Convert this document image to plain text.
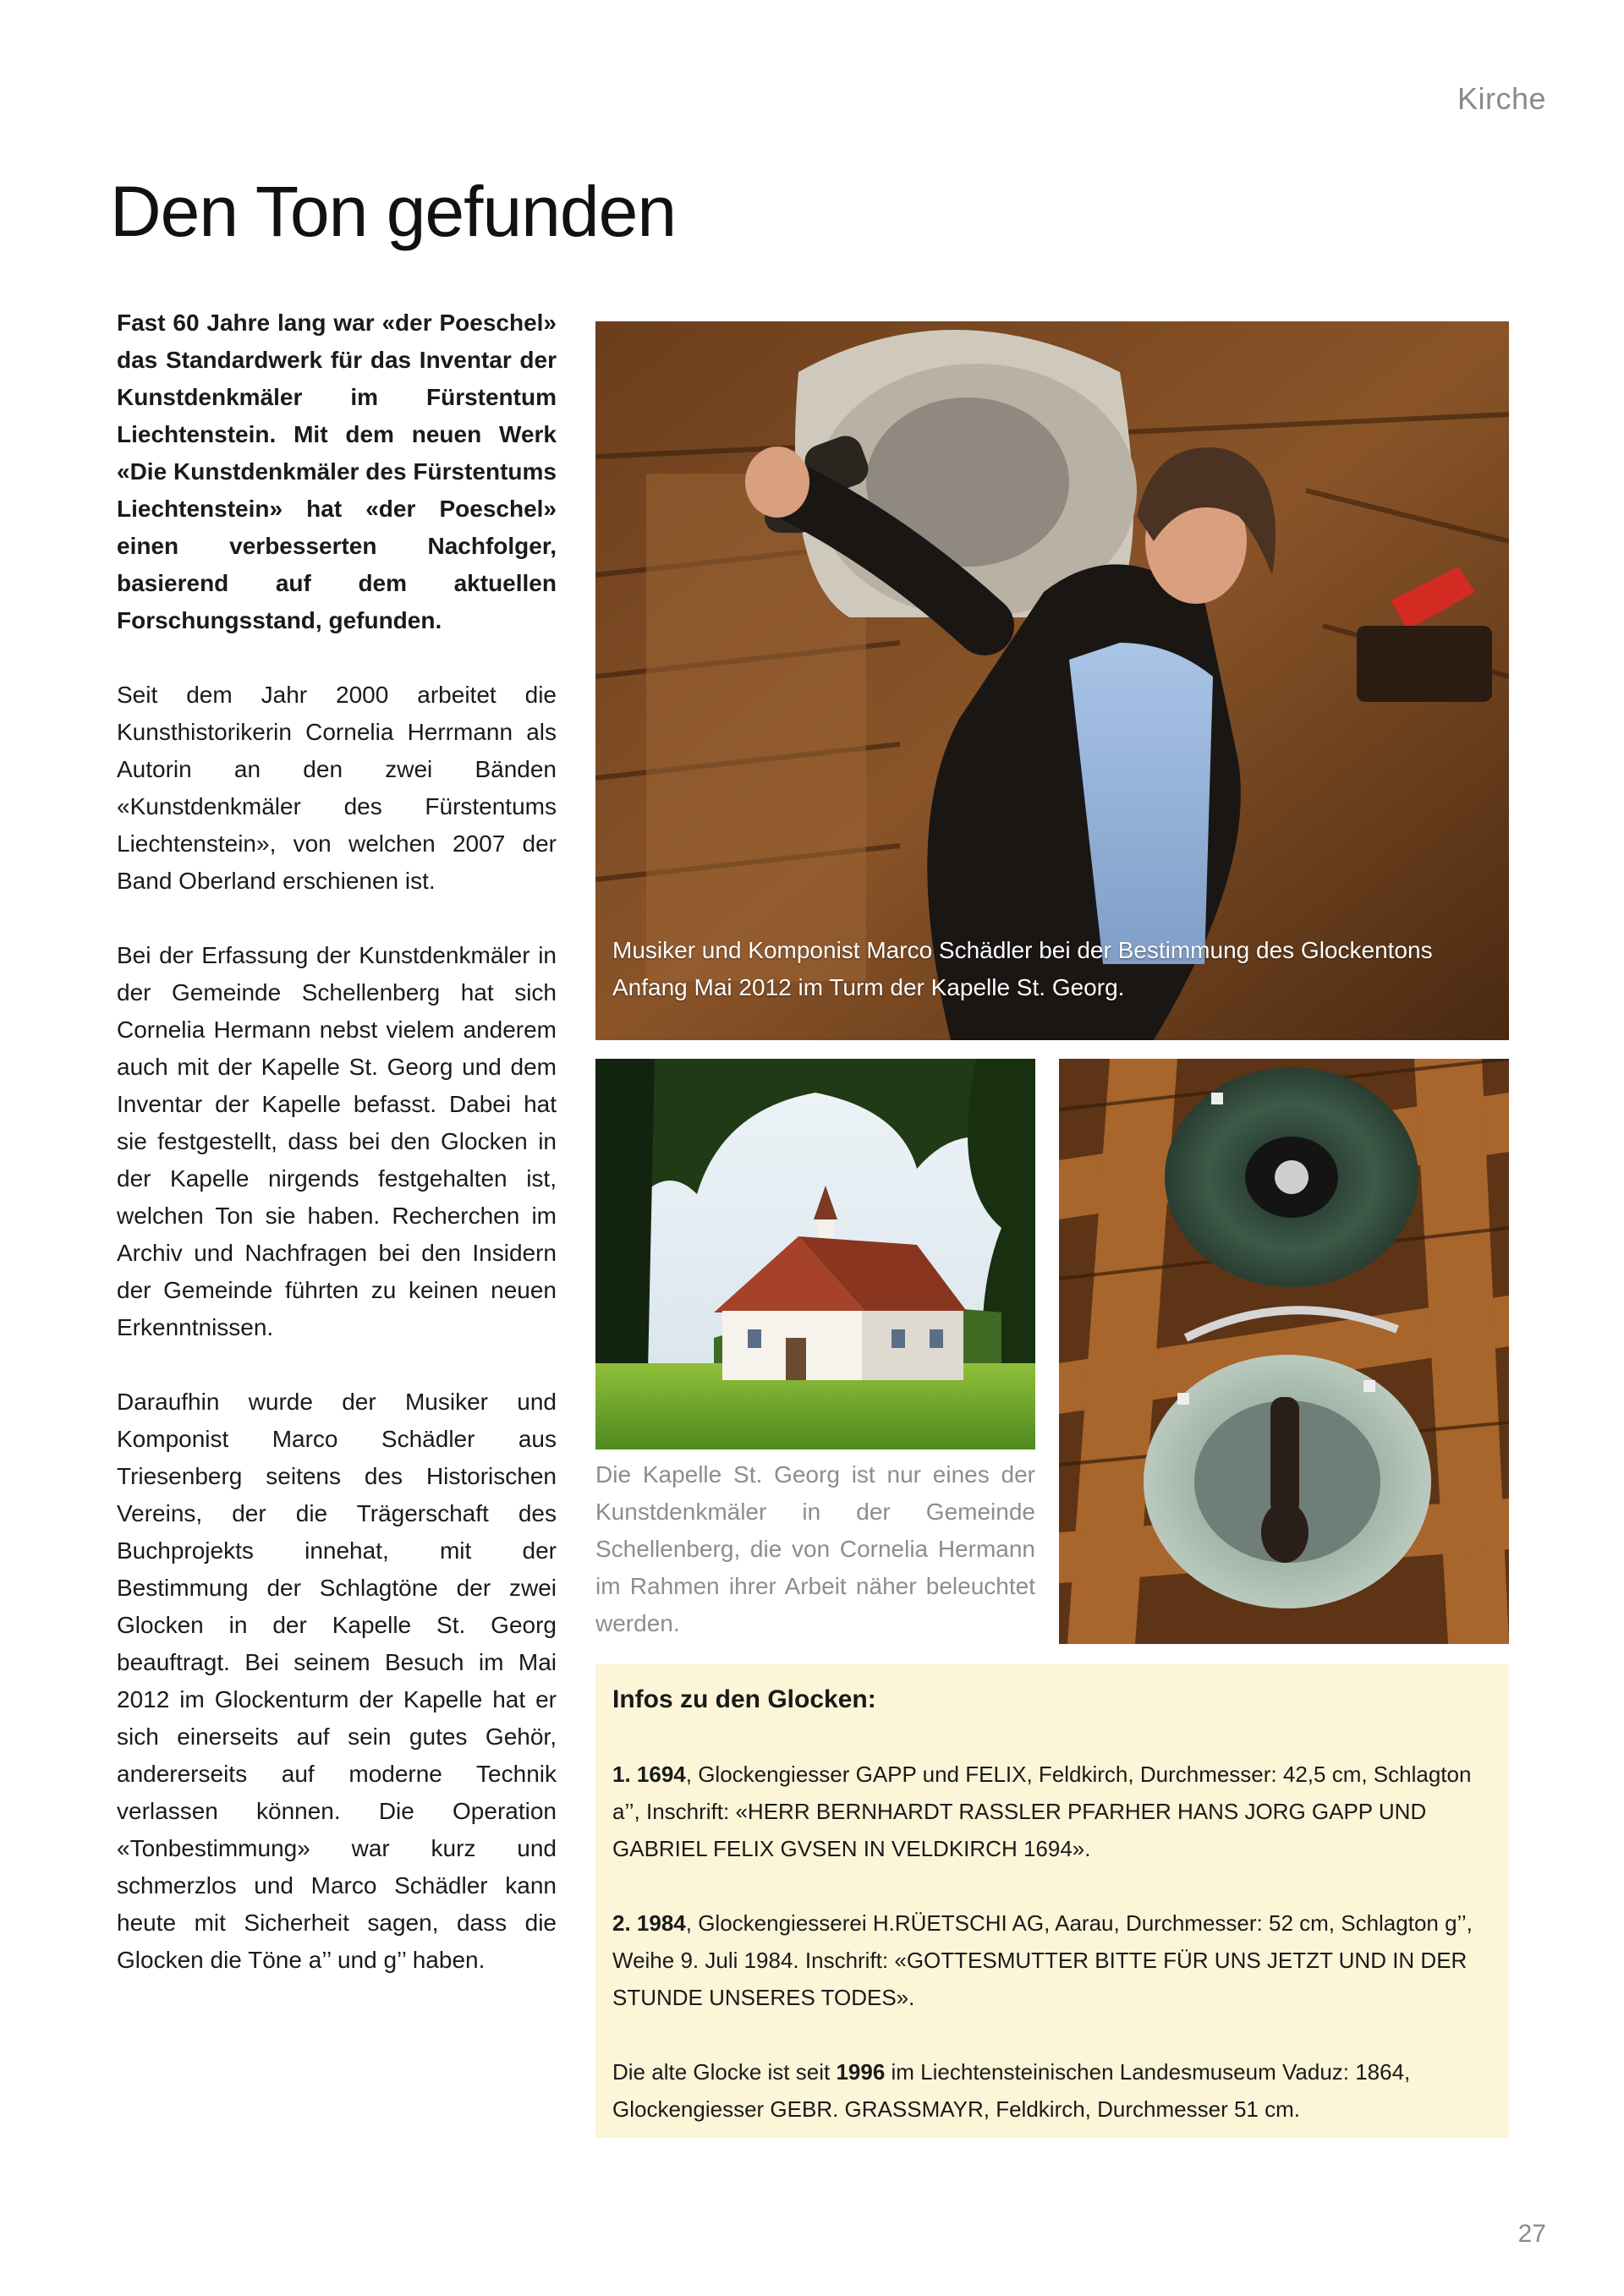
Kirche
Den Ton gefunden

Fast 60 Jahre lang war «der Poeschel» das Standardwerk für das Inventar der Kunstdenkmäler im Fürstentum Liechtenstein. Mit dem neuen Werk «Die Kunstdenkmäler des Fürstentums Liechtenstein» hat «der Poeschel» einen verbesserten Nachfolger, basierend auf dem aktuellen Forschungsstand, gefunden.

Seit dem Jahr 2000 arbeitet die Kunsthistorikerin Cornelia Herrmann als Autorin an den zwei Bänden «Kunstdenkmäler des Fürstentums Liechtenstein», von welchen 2007 der Band Oberland erschienen ist.

Bei der Erfassung der Kunstdenkmäler in der Gemeinde Schellenberg hat sich Cornelia Hermann nebst vielem anderem auch mit der Kapelle St. Georg und dem Inventar der Kapelle befasst. Dabei hat sie festgestellt, dass bei den Glocken in der Kapelle nirgends festgehalten ist, welchen Ton sie haben. Recherchen im Archiv und Nachfragen bei den Insidern der Gemeinde führten zu keinen neuen Erkenntnissen.

Daraufhin wurde der Musiker und Komponist Marco Schädler aus Triesenberg seitens des Historischen Vereins, der die Trägerschaft des Buchprojekts innehat, mit der Bestimmung der Schlagtöne der zwei Glocken in der Kapelle St. Georg beauftragt. Bei seinem Besuch im Mai 2012 im Glockenturm der Kapelle hat er sich einerseits auf sein gutes Gehör, andererseits auf moderne Technik verlassen können. Die Operation «Tonbestimmung» war kurz und schmerzlos und Marco Schädler kann heute mit Sicherheit sagen, dass die Glocken die Töne a’’ und g’’ haben.

Musiker und Komponist Marco Schädler bei der Bestimmung des Glockentons Anfang Mai 2012 im Turm der Kapelle St. Georg.
Die Kapelle St. Georg ist nur eines der Kunstdenkmäler in der Gemeinde Schellenberg, die von Cornelia Hermann im Rahmen ihrer Arbeit näher beleuchtet werden.
Infos zu den Glocken:

1. 1694, Glockengiesser GAPP und FELIX, Feldkirch, Durchmesser: 42,5 cm, Schlagton a’’, Inschrift: «HERR BERNHARDT RASSLER PFARHER HANS JORG GAPP UND GABRIEL FELIX GVSEN IN VELDKIRCH 1694».

2. 1984, Glockengiesserei H.RÜETSCHI AG, Aarau, Durchmesser: 52 cm, Schlagton g’’, Weihe 9. Juli 1984. Inschrift: «GOTTESMUTTER BITTE FÜR UNS JETZT UND IN DER STUNDE UNSERES TODES».

Die alte Glocke ist seit 1996 im Liechtensteinischen Landesmuseum Vaduz: 1864, Glockengiesser GEBR. GRASSMAYR, Feldkirch, Durchmesser 51 cm.

27
